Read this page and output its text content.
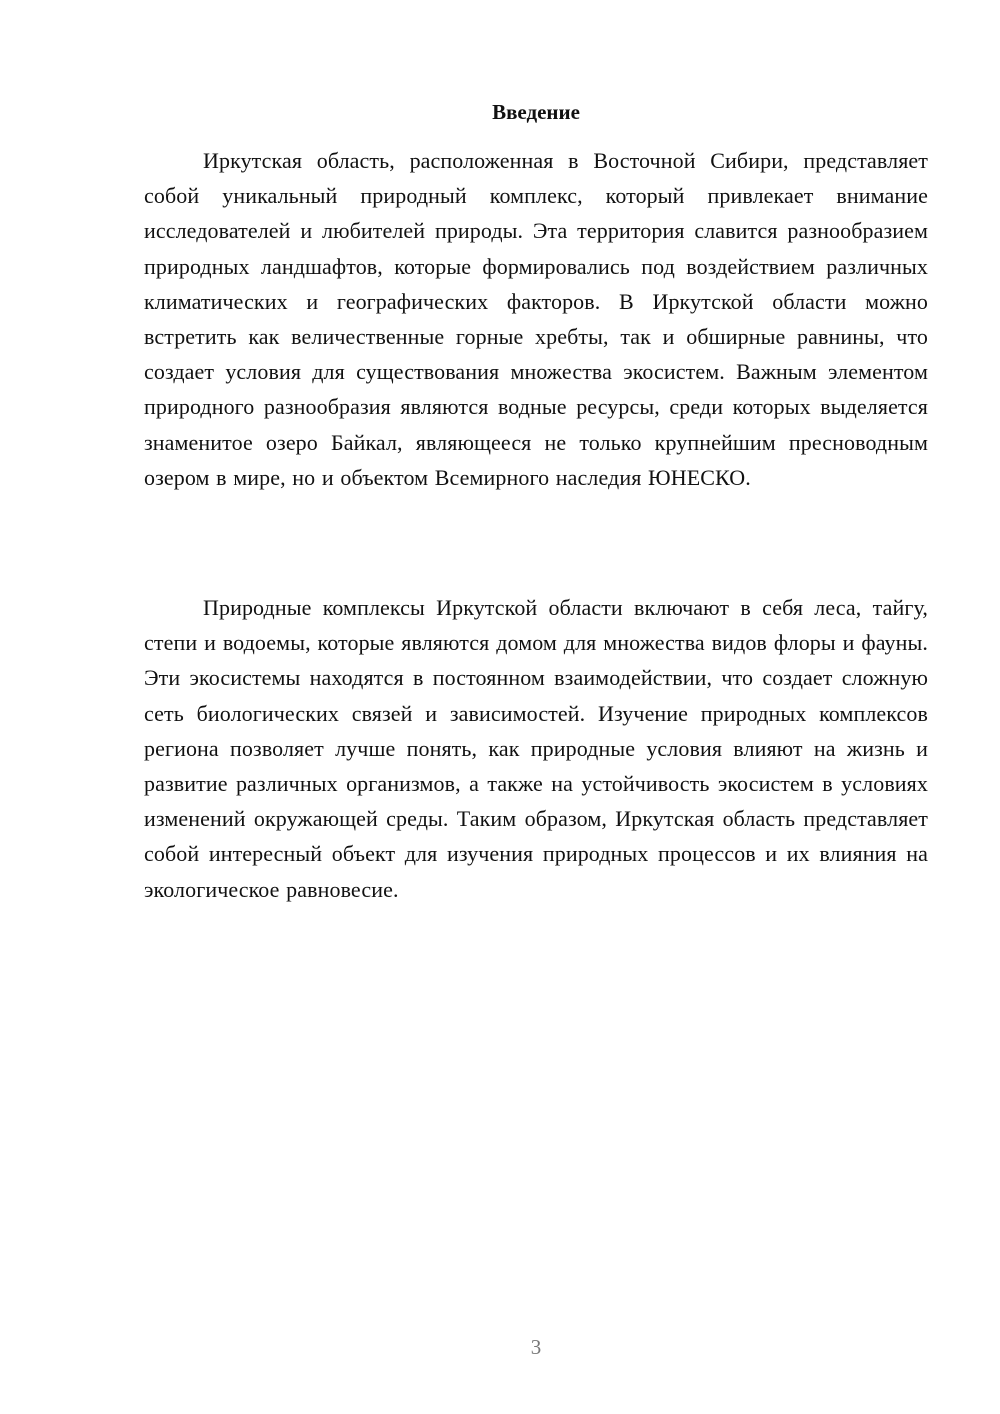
Введение

Иркутская область, расположенная в Восточной Сибири, представляет собой уникальный природный комплекс, который привлекает внимание исследователей и любителей природы. Эта территория славится разнообразием природных ландшафтов, которые формировались под воздействием различных климатических и географических факторов. В Иркутской области можно встретить как величественные горные хребты, так и обширные равнины, что создает условия для существования множества экосистем. Важным элементом природного разнообразия являются водные ресурсы, среди которых выделяется знаменитое озеро Байкал, являющееся не только крупнейшим пресноводным озером в мире, но и объектом Всемирного наследия ЮНЕСКО.

Природные комплексы Иркутской области включают в себя леса, тайгу, степи и водоемы, которые являются домом для множества видов флоры и фауны. Эти экосистемы находятся в постоянном взаимодействии, что создает сложную сеть биологических связей и зависимостей. Изучение природных комплексов региона позволяет лучше понять, как природные условия влияют на жизнь и развитие различных организмов, а также на устойчивость экосистем в условиях изменений окружающей среды. Таким образом, Иркутская область представляет собой интересный объект для изучения природных процессов и их влияния на экологическое равновесие.

3
